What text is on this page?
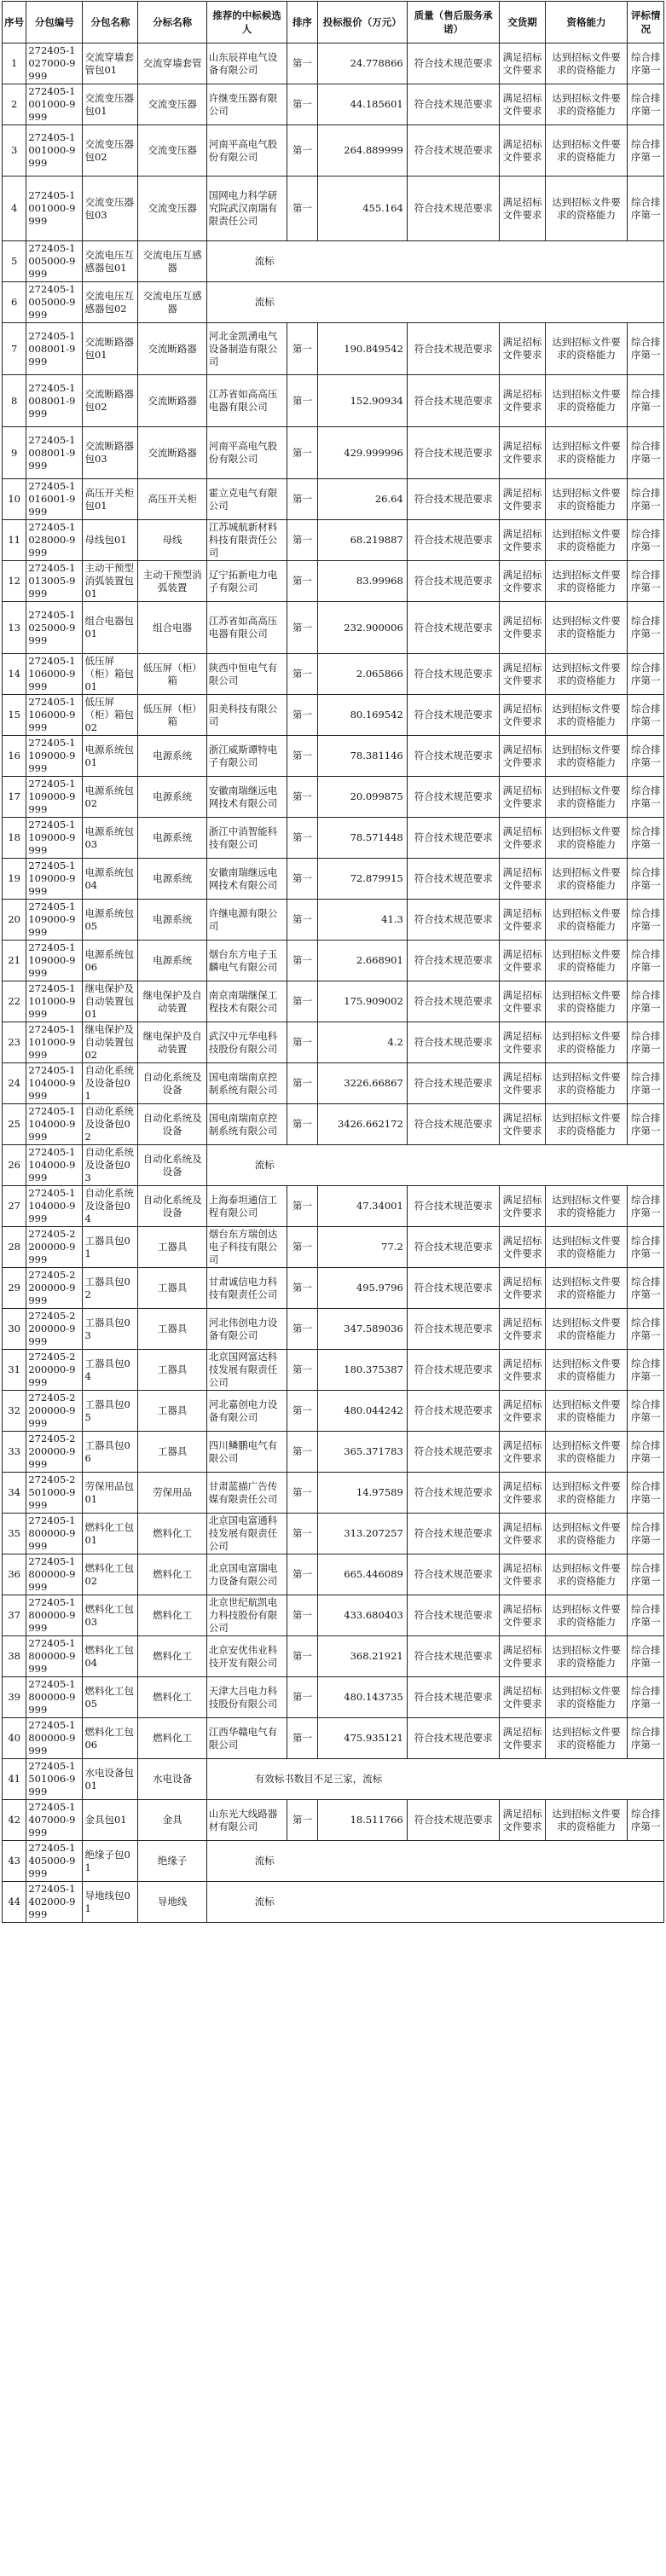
序号	分包编号	分包名称	分标名称	推荐的中标候选人	排序	投标报价（万元）	质量（售后服务承诺）	交货期	资格能力	评标情况
1	272405-1027000-9999	交流穿墙套管包01	交流穿墙套管	山东辰祥电气设备有限公司	第一	24.778866	符合技术规范要求	满足招标文件要求	达到招标文件要求的资格能力	综合排序第一
2	272405-1001000-9999	交流变压器包01	交流变压器	许继变压器有限公司	第一	44.185601	符合技术规范要求	满足招标文件要求	达到招标文件要求的资格能力	综合排序第一
3	272405-1001000-9999	交流变压器包02	交流变压器	河南平高电气股份有限公司	第一	264.889999	符合技术规范要求	满足招标文件要求	达到招标文件要求的资格能力	综合排序第一
4	272405-1001000-9999	交流变压器包03	交流变压器	国网电力科学研究院武汉南瑞有限责任公司	第一	455.164	符合技术规范要求	满足招标文件要求	达到招标文件要求的资格能力	综合排序第一
5	272405-1005000-9999	交流电压互感器包01	交流电压互感器	流标						
6	272405-1005000-9999	交流电压互感器包02	交流电压互感器	流标						
7	272405-1008001-9999	交流断路器包01	交流断路器	河北金凯湧电气设备制造有限公司	第一	190.849542	符合技术规范要求	满足招标文件要求	达到招标文件要求的资格能力	综合排序第一
8	272405-1008001-9999	交流断路器包02	交流断路器	江苏省如高高压电器有限公司	第一	152.90934	符合技术规范要求	满足招标文件要求	达到招标文件要求的资格能力	综合排序第一
9	272405-1008001-9999	交流断路器包03	交流断路器	河南平高电气股份有限公司	第一	429.999996	符合技术规范要求	满足招标文件要求	达到招标文件要求的资格能力	综合排序第一
10	272405-1016001-9999	高压开关柜包01	高压开关柜	霍立克电气有限公司	第一	26.64	符合技术规范要求	满足招标文件要求	达到招标文件要求的资格能力	综合排序第一
11	272405-1028000-9999	母线包01	母线	江苏城航新材料科技有限责任公司	第一	68.219887	符合技术规范要求	满足招标文件要求	达到招标文件要求的资格能力	综合排序第一
12	272405-1013005-9999	主动干预型消弧装置包01	主动干预型消弧装置	辽宁拓新电力电子有限公司	第一	83.99968	符合技术规范要求	满足招标文件要求	达到招标文件要求的资格能力	综合排序第一
13	272405-1025000-9999	组合电器包01	组合电器	江苏省如高高压电器有限公司	第一	232.900006	符合技术规范要求	满足招标文件要求	达到招标文件要求的资格能力	综合排序第一
14	272405-1106000-9999	低压屏（柜）箱包01	低压屏（柜）箱	陕西中恒电气有限公司	第一	2.065866	符合技术规范要求	满足招标文件要求	达到招标文件要求的资格能力	综合排序第一
15	272405-1106000-9999	低压屏（柜）箱包02	低压屏（柜）箱	阳美科技有限公司	第一	80.169542	符合技术规范要求	满足招标文件要求	达到招标文件要求的资格能力	综合排序第一
16	272405-1109000-9999	电源系统包01	电源系统	浙江威斯谭特电子有限公司	第一	78.381146	符合技术规范要求	满足招标文件要求	达到招标文件要求的资格能力	综合排序第一
17	272405-1109000-9999	电源系统包02	电源系统	安徽南瑞继远电网技术有限公司	第一	20.099875	符合技术规范要求	满足招标文件要求	达到招标文件要求的资格能力	综合排序第一
18	272405-1109000-9999	电源系统包03	电源系统	浙江中消智能科技有限公司	第一	78.571448	符合技术规范要求	满足招标文件要求	达到招标文件要求的资格能力	综合排序第一
19	272405-1109000-9999	电源系统包04	电源系统	安徽南瑞继远电网技术有限公司	第一	72.879915	符合技术规范要求	满足招标文件要求	达到招标文件要求的资格能力	综合排序第一
20	272405-1109000-9999	电源系统包05	电源系统	许继电源有限公司	第一	41.3	符合技术规范要求	满足招标文件要求	达到招标文件要求的资格能力	综合排序第一
21	272405-1109000-9999	电源系统包06	电源系统	烟台东方电子玉麟电气有限公司	第一	2.668901	符合技术规范要求	满足招标文件要求	达到招标文件要求的资格能力	综合排序第一
22	272405-1101000-9999	继电保护及自动装置包01	继电保护及自动装置	南京南瑞继保工程技术有限公司	第一	175.909002	符合技术规范要求	满足招标文件要求	达到招标文件要求的资格能力	综合排序第一
23	272405-1101000-9999	继电保护及自动装置包02	继电保护及自动装置	武汉中元华电科技股份有限公司	第一	4.2	符合技术规范要求	满足招标文件要求	达到招标文件要求的资格能力	综合排序第一
24	272405-1104000-9999	自动化系统及设备包01	自动化系统及设备	国电南瑞南京控制系统有限公司	第一	3226.66867	符合技术规范要求	满足招标文件要求	达到招标文件要求的资格能力	综合排序第一
25	272405-1104000-9999	自动化系统及设备包02	自动化系统及设备	国电南瑞南京控制系统有限公司	第一	3426.662172	符合技术规范要求	满足招标文件要求	达到招标文件要求的资格能力	综合排序第一
26	272405-1104000-9999	自动化系统及设备包03	自动化系统及设备	流标						
27	272405-1104000-9999	自动化系统及设备包04	自动化系统及设备	上海泰坦通信工程有限公司	第一	47.34001	符合技术规范要求	满足招标文件要求	达到招标文件要求的资格能力	综合排序第一
28	272405-2200000-9999	工器具包01	工器具	烟台东方瑞创达电子科技有限公司	第一	77.2	符合技术规范要求	满足招标文件要求	达到招标文件要求的资格能力	综合排序第一
29	272405-2200000-9999	工器具包02	工器具	甘肃诚信电力科技有限责任公司	第一	495.9796	符合技术规范要求	满足招标文件要求	达到招标文件要求的资格能力	综合排序第一
30	272405-2200000-9999	工器具包03	工器具	河北伟创电力设备有限公司	第一	347.589036	符合技术规范要求	满足招标文件要求	达到招标文件要求的资格能力	综合排序第一
31	272405-2200000-9999	工器具包04	工器具	北京国网富达科技发展有限责任公司	第一	180.375387	符合技术规范要求	满足招标文件要求	达到招标文件要求的资格能力	综合排序第一
32	272405-2200000-9999	工器具包05	工器具	河北嘉创电力设备有限公司	第一	480.044242	符合技术规范要求	满足招标文件要求	达到招标文件要求的资格能力	综合排序第一
33	272405-2200000-9999	工器具包06	工器具	四川鳞鹏电气有限公司	第一	365.371783	符合技术规范要求	满足招标文件要求	达到招标文件要求的资格能力	综合排序第一
34	272405-2501000-9999	劳保用品包01	劳保用品	甘肃蓝描广告传媒有限责任公司	第一	14.97589	符合技术规范要求	满足招标文件要求	达到招标文件要求的资格能力	综合排序第一
35	272405-1800000-9999	燃料化工包01	燃料化工	北京国电富通科技发展有限责任公司	第一	313.207257	符合技术规范要求	满足招标文件要求	达到招标文件要求的资格能力	综合排序第一
36	272405-1800000-9999	燃料化工包02	燃料化工	北京国电富瑞电力设备有限公司	第一	665.446089	符合技术规范要求	满足招标文件要求	达到招标文件要求的资格能力	综合排序第一
37	272405-1800000-9999	燃料化工包03	燃料化工	北京世纪航凯电力科技股份有限公司	第一	433.680403	符合技术规范要求	满足招标文件要求	达到招标文件要求的资格能力	综合排序第一
38	272405-1800000-9999	燃料化工包04	燃料化工	北京安优伟业科技开发有限公司	第一	368.21921	符合技术规范要求	满足招标文件要求	达到招标文件要求的资格能力	综合排序第一
39	272405-1800000-9999	燃料化工包05	燃料化工	天津大吕电力科技股份有限公司	第一	480.143735	符合技术规范要求	满足招标文件要求	达到招标文件要求的资格能力	综合排序第一
40	272405-1800000-9999	燃料化工包06	燃料化工	江西华赣电气有限公司	第一	475.935121	符合技术规范要求	满足招标文件要求	达到招标文件要求的资格能力	综合排序第一
41	272405-1501006-9999	水电设备包01	水电设备	有效标书数目不足三家，流标						
42	272405-1407000-9999	金具包01	金具	山东光大线路器材有限公司	第一	18.511766	符合技术规范要求	满足招标文件要求	达到招标文件要求的资格能力	综合排序第一
43	272405-1405000-9999	绝缘子包01	绝缘子	流标						
44	272405-1402000-9999	导地线包01	导地线	流标						
